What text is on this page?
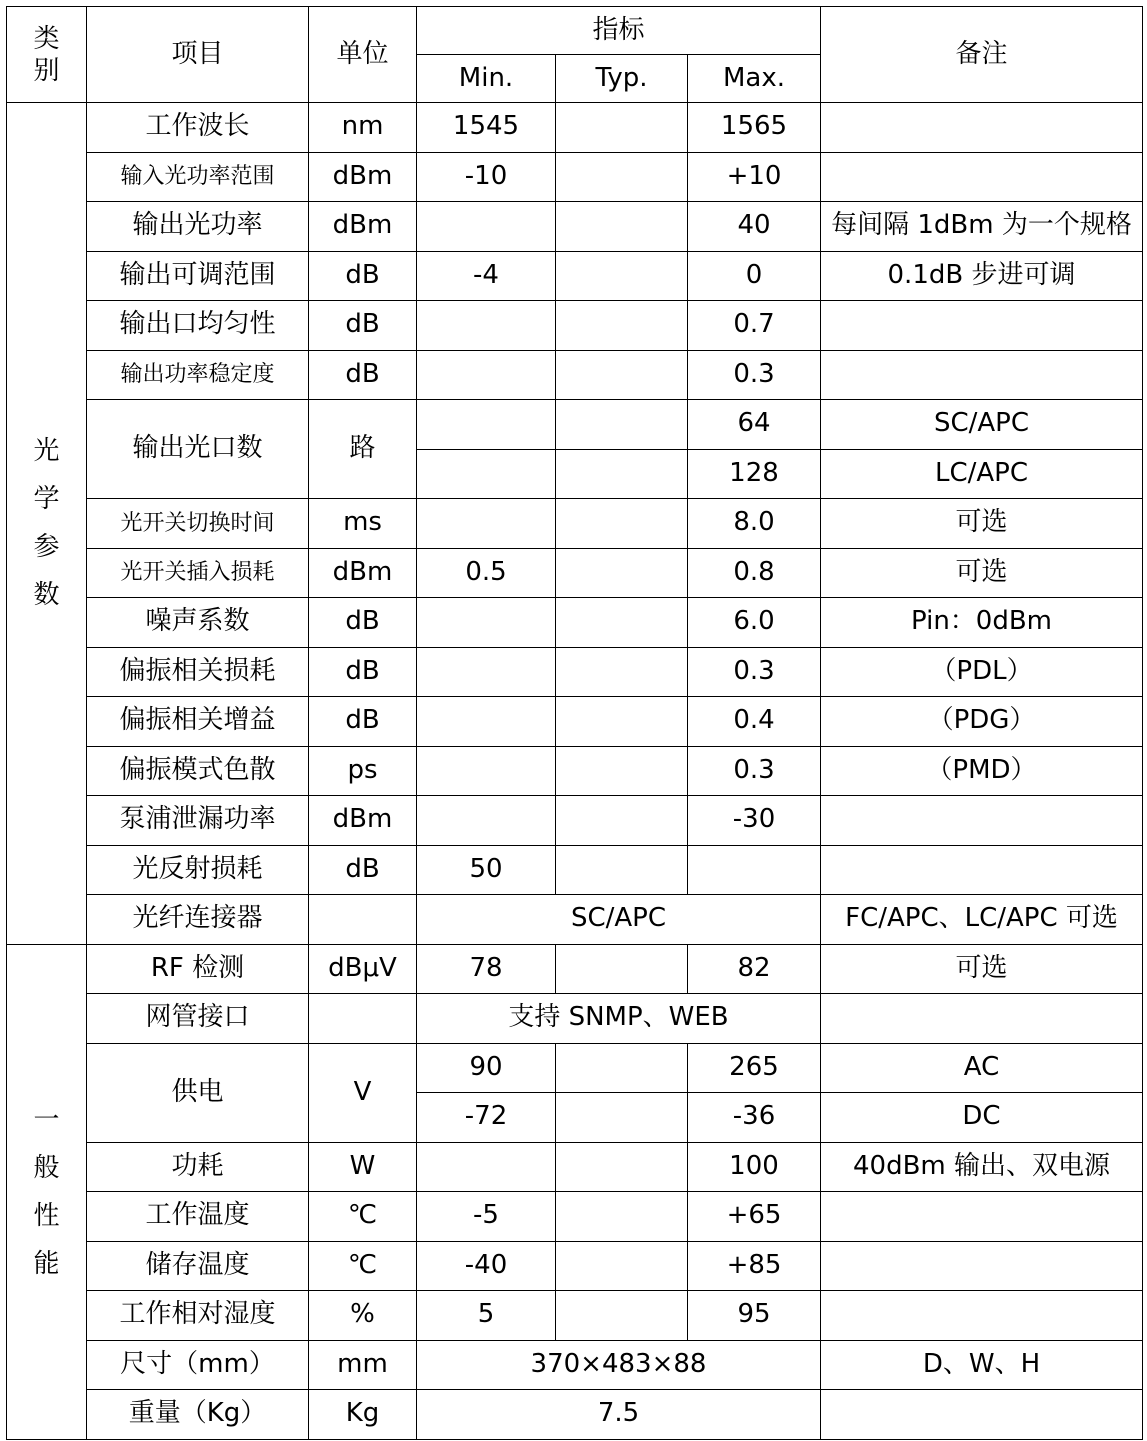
类
别	项目	单位	指标			备注
			Min.	Typ.	Max.	

光
学
参
数	工作波长	nm	1545		1565	
	输入光功率范围	dBm	-10		+10	
	输出光功率	dBm			40	每间隔 1dBm 为一个规格
	输出可调范围	dB	-4		0	0.1dB 步进可调
	输出口均匀性	dB			0.7	
	输出功率稳定度	dB			0.3	
	输出光口数	路			64	SC/APC
					128	LC/APC
	光开关切换时间	ms			8.0	可选
	光开关插入损耗	dBm	0.5		0.8	可选
	噪声系数	dB			6.0	Pin：0dBm
	偏振相关损耗	dB			0.3	（PDL）
	偏振相关增益	dB			0.4	（PDG）
	偏振模式色散	ps			0.3	（PMD）
	泵浦泄漏功率	dBm			-30	
	光反射损耗	dB	50			
	光纤连接器		SC/APC			FC/APC、LC/APC 可选

一
般
性
能	RF 检测	dBμV	78		82	可选
	网管接口		支持 SNMP、WEB			
	供电	V	90		265	AC
			-72		-36	DC
	功耗	W			100	40dBm 输出、双电源
	工作温度	℃	-5		+65	
	储存温度	℃	-40		+85	
	工作相对湿度	%	5		95	
	尺寸（mm）	mm	370×483×88			D、W、H
	重量（Kg）	Kg	7.5			
